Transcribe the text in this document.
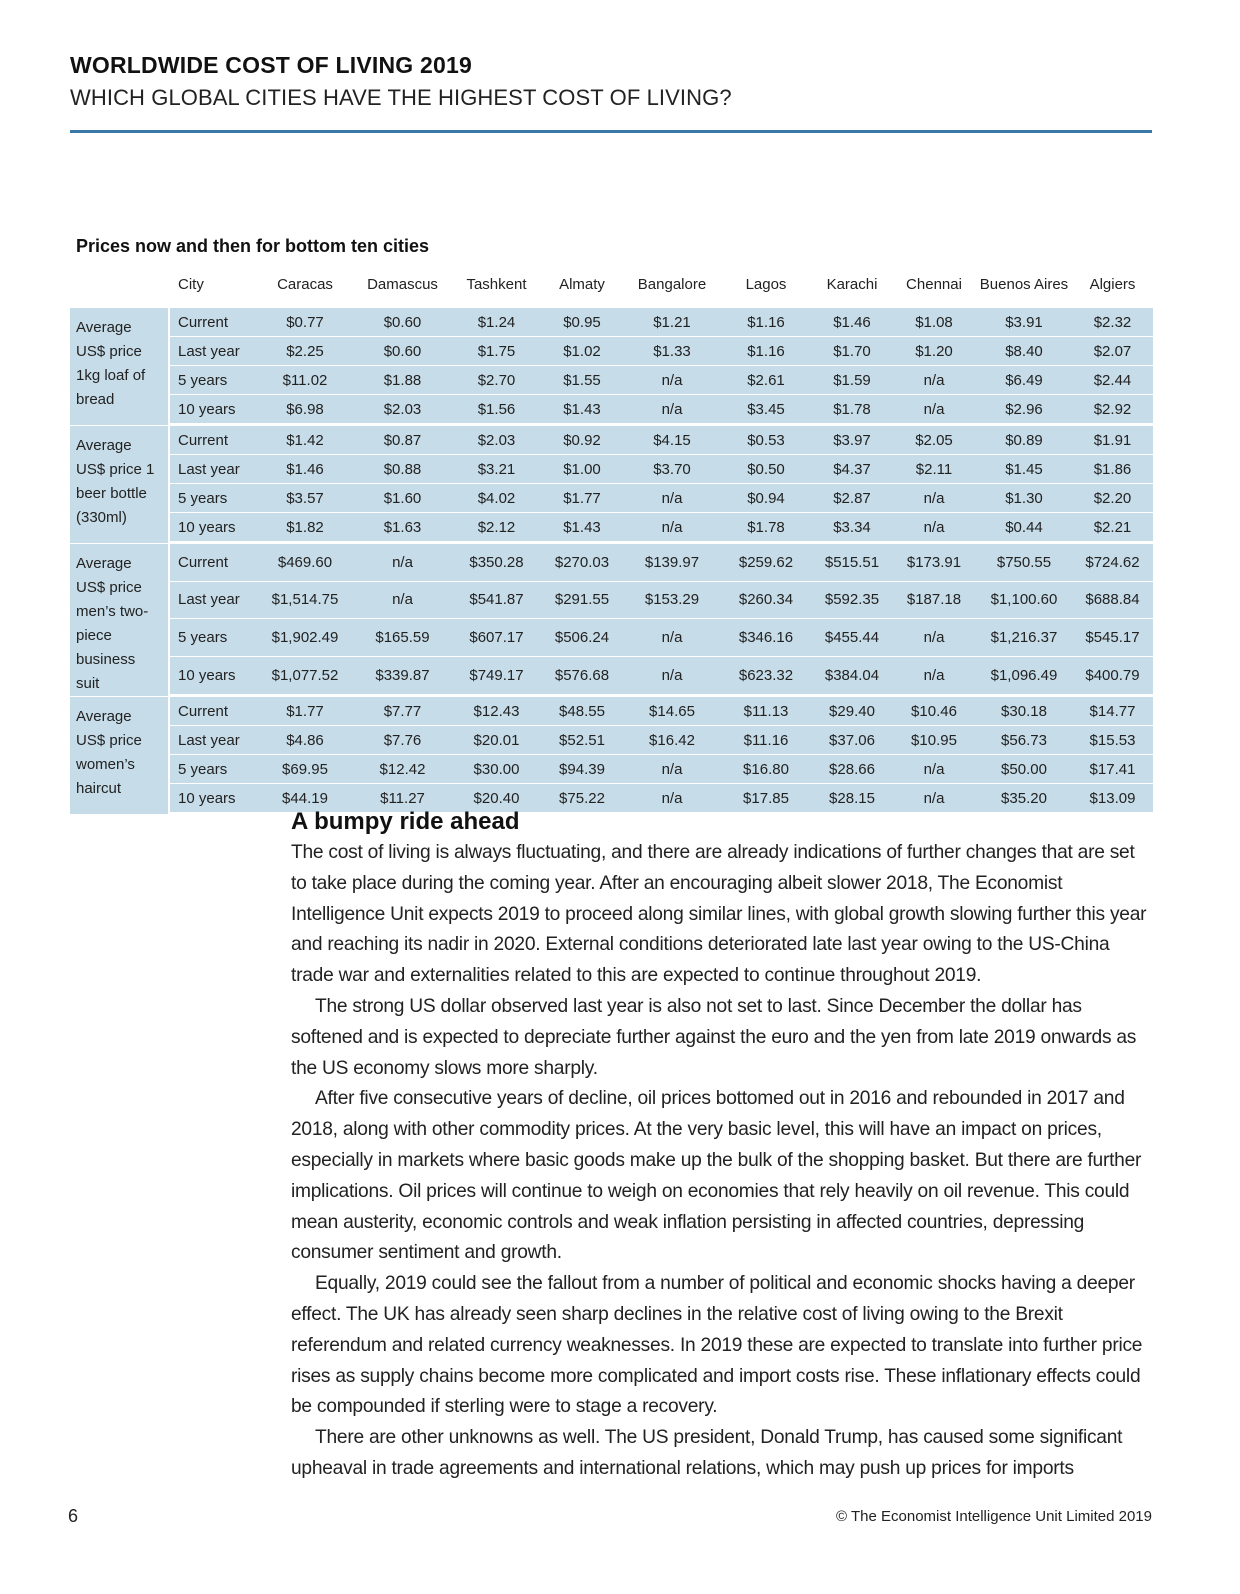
WORLDWIDE COST OF LIVING 2019
WHICH GLOBAL CITIES HAVE THE HIGHEST COST OF LIVING?
Prices now and then for bottom ten cities
	City	Caracas	Damascus	Tashkent	Almaty	Bangalore	Lagos	Karachi	Chennai	Buenos Aires	Algiers
Average US$ price 1kg loaf of bread	Current	$0.77	$0.60	$1.24	$0.95	$1.21	$1.16	$1.46	$1.08	$3.91	$2.32
	Last year	$2.25	$0.60	$1.75	$1.02	$1.33	$1.16	$1.70	$1.20	$8.40	$2.07
	5 years	$11.02	$1.88	$2.70	$1.55	n/a	$2.61	$1.59	n/a	$6.49	$2.44
	10 years	$6.98	$2.03	$1.56	$1.43	n/a	$3.45	$1.78	n/a	$2.96	$2.92
Average US$ price 1 beer bottle (330ml)	Current	$1.42	$0.87	$2.03	$0.92	$4.15	$0.53	$3.97	$2.05	$0.89	$1.91
	Last year	$1.46	$0.88	$3.21	$1.00	$3.70	$0.50	$4.37	$2.11	$1.45	$1.86
	5 years	$3.57	$1.60	$4.02	$1.77	n/a	$0.94	$2.87	n/a	$1.30	$2.20
	10 years	$1.82	$1.63	$2.12	$1.43	n/a	$1.78	$3.34	n/a	$0.44	$2.21
Average US$ price men’s two-piece business suit	Current	$469.60	n/a	$350.28	$270.03	$139.97	$259.62	$515.51	$173.91	$750.55	$724.62
	Last year	$1,514.75	n/a	$541.87	$291.55	$153.29	$260.34	$592.35	$187.18	$1,100.60	$688.84
	5 years	$1,902.49	$165.59	$607.17	$506.24	n/a	$346.16	$455.44	n/a	$1,216.37	$545.17
	10 years	$1,077.52	$339.87	$749.17	$576.68	n/a	$623.32	$384.04	n/a	$1,096.49	$400.79
Average US$ price women’s haircut	Current	$1.77	$7.77	$12.43	$48.55	$14.65	$11.13	$29.40	$10.46	$30.18	$14.77
	Last year	$4.86	$7.76	$20.01	$52.51	$16.42	$11.16	$37.06	$10.95	$56.73	$15.53
	5 years	$69.95	$12.42	$30.00	$94.39	n/a	$16.80	$28.66	n/a	$50.00	$17.41
	10 years	$44.19	$11.27	$20.40	$75.22	n/a	$17.85	$28.15	n/a	$35.20	$13.09
A bumpy ride ahead

The cost of living is always fluctuating, and there are already indications of further changes that are set to take place during the coming year. After an encouraging albeit slower 2018, The Economist Intelligence Unit expects 2019 to proceed along similar lines, with global growth slowing further this year and reaching its nadir in 2020. External conditions deteriorated late last year owing to the US-China trade war and externalities related to this are expected to continue throughout 2019.

The strong US dollar observed last year is also not set to last. Since December the dollar has softened and is expected to depreciate further against the euro and the yen from late 2019 onwards as the US economy slows more sharply.

After five consecutive years of decline, oil prices bottomed out in 2016 and rebounded in 2017 and 2018, along with other commodity prices. At the very basic level, this will have an impact on prices, especially in markets where basic goods make up the bulk of the shopping basket. But there are further implications. Oil prices will continue to weigh on economies that rely heavily on oil revenue. This could mean austerity, economic controls and weak inflation persisting in affected countries, depressing consumer sentiment and growth.

Equally, 2019 could see the fallout from a number of political and economic shocks having a deeper effect. The UK has already seen sharp declines in the relative cost of living owing to the Brexit referendum and related currency weaknesses. In 2019 these are expected to translate into further price rises as supply chains become more complicated and import costs rise. These inflationary effects could be compounded if sterling were to stage a recovery.

There are other unknowns as well. The US president, Donald Trump, has caused some significant upheaval in trade agreements and international relations, which may push up prices for imports

6	© The Economist Intelligence Unit Limited 2019
